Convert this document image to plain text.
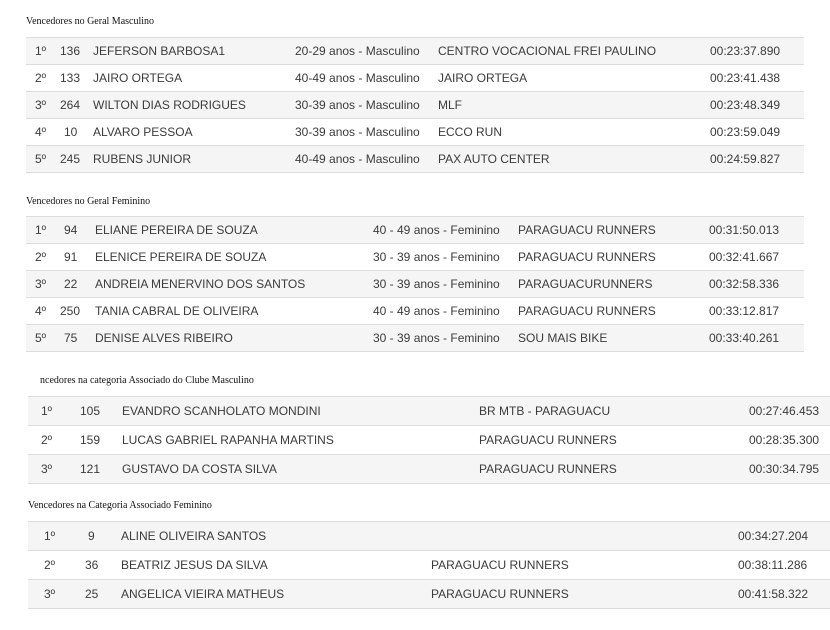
Vencedores no Geral Masculino
1º 136 JEFERSON BARBOSA1	20-29 anos - Masculino CENTRO VOCACIONAL FREI PAULINO	00:23:37.890
2º 133 JAIRO ORTEGA	40-49 anos - Masculino JAIRO ORTEGA	00:23:41.438
3º 264 WILTON DIAS RODRIGUES	30-39 anos - Masculino MLF	00:23:48.349
4º 10 ALVARO PESSOA	30-39 anos - Masculino ECCO RUN	00:23:59.049
5º 245 RUBENS JUNIOR	40-49 anos - Masculino PAX AUTO CENTER	00:24:59.827
Vencedores no Geral Feminino
1º 94 ELIANE PEREIRA DE SOUZA	40 - 49 anos - Feminino PARAGUACU RUNNERS	00:31:50.013
2º 91 ELENICE PEREIRA DE SOUZA	30 - 39 anos - Feminino PARAGUACU RUNNERS	00:32:41.667
3º 22 ANDREIA MENERVINO DOS SANTOS	30 - 39 anos - Feminino PARAGUACURUNNERS	00:32:58.336
4º 250 TANIA CABRAL DE OLIVEIRA	40 - 49 anos - Feminino PARAGUACU RUNNERS	00:33:12.817
5º 75 DENISE ALVES RIBEIRO	30 - 39 anos - Feminino SOU MAIS BIKE	00:33:40.261
ncedores na categoria Associado do Clube Masculino
1º 105 EVANDRO SCANHOLATO MONDINI	BR MTB - PARAGUACU	00:27:46.453
2º 159 LUCAS GABRIEL RAPANHA MARTINS	PARAGUACU RUNNERS	00:28:35.300
3º 121 GUSTAVO DA COSTA SILVA	PARAGUACU RUNNERS	00:30:34.795
Vencedores na Categoria Associado Feminino
1º	9 ALINE OLIVEIRA SANTOS	00:34:27.204
2º 36 BEATRIZ JESUS DA SILVA	PARAGUACU RUNNERS	00:38:11.286
3º 25 ANGELICA VIEIRA MATHEUS	PARAGUACU RUNNERS	00:41:58.322
